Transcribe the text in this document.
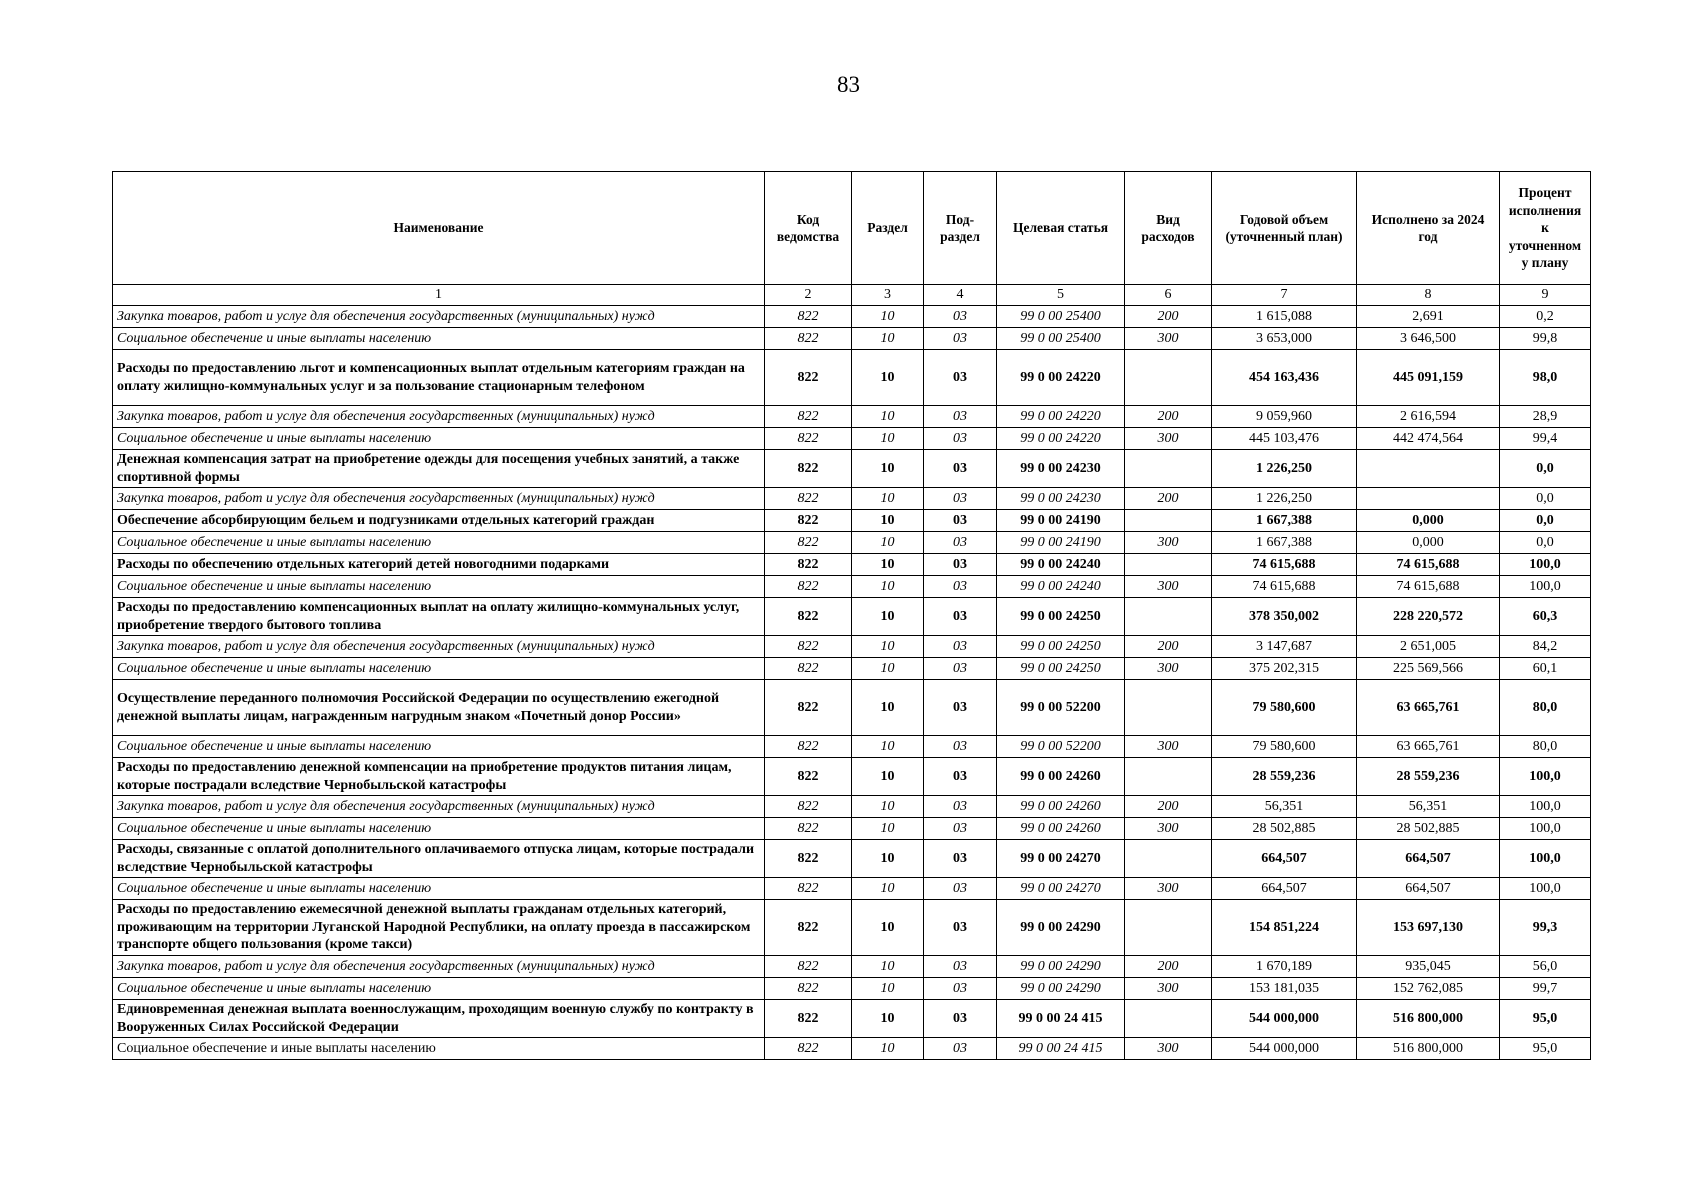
83
Наименование	Код ведомства	Раздел	Под-раздел	Целевая статья	Вид расходов	Годовой объем (уточненный план)	Исполнено за 2024 год	Процент исполнения к уточненном у плану
1	2	3	4	5	6	7	8	9
Закупка товаров, работ и услуг для обеспечения государственных (муниципальных) нужд	822	10	03	99 0 00 25400	200	1 615,088	2,691	0,2
Социальное обеспечение и иные выплаты населению	822	10	03	99 0 00 25400	300	3 653,000	3 646,500	99,8
Расходы по предоставлению льгот и компенсационных выплат отдельным категориям граждан на оплату жилищно-коммунальных услуг и за пользование стационарным телефоном	822	10	03	99 0 00 24220		454 163,436	445 091,159	98,0
Закупка товаров, работ и услуг для обеспечения государственных (муниципальных) нужд	822	10	03	99 0 00 24220	200	9 059,960	2 616,594	28,9
Социальное обеспечение и иные выплаты населению	822	10	03	99 0 00 24220	300	445 103,476	442 474,564	99,4
Денежная компенсация затрат на приобретение одежды для посещения учебных занятий, а также спортивной формы	822	10	03	99 0 00 24230		1 226,250		0,0
Закупка товаров, работ и услуг для обеспечения государственных (муниципальных) нужд	822	10	03	99 0 00 24230	200	1 226,250		0,0
Обеспечение абсорбирующим бельем и подгузниками отдельных категорий граждан	822	10	03	99 0 00 24190		1 667,388	0,000	0,0
Социальное обеспечение и иные выплаты населению	822	10	03	99 0 00 24190	300	1 667,388	0,000	0,0
Расходы по обеспечению отдельных категорий детей новогодними подарками	822	10	03	99 0 00 24240		74 615,688	74 615,688	100,0
Социальное обеспечение и иные выплаты населению	822	10	03	99 0 00 24240	300	74 615,688	74 615,688	100,0
Расходы по предоставлению компенсационных выплат на оплату жилищно-коммунальных услуг, приобретение твердого бытового топлива	822	10	03	99 0 00 24250		378 350,002	228 220,572	60,3
Закупка товаров, работ и услуг для обеспечения государственных (муниципальных) нужд	822	10	03	99 0 00 24250	200	3 147,687	2 651,005	84,2
Социальное обеспечение и иные выплаты населению	822	10	03	99 0 00 24250	300	375 202,315	225 569,566	60,1
Осуществление переданного полномочия Российской Федерации по осуществлению ежегодной денежной выплаты лицам, награжденным нагрудным знаком «Почетный донор России»	822	10	03	99 0 00 52200		79 580,600	63 665,761	80,0
Социальное обеспечение и иные выплаты населению	822	10	03	99 0 00 52200	300	79 580,600	63 665,761	80,0
Расходы по предоставлению денежной компенсации на приобретение продуктов питания лицам, которые пострадали вследствие Чернобыльской катастрофы	822	10	03	99 0 00 24260		28 559,236	28 559,236	100,0
Закупка товаров, работ и услуг для обеспечения государственных (муниципальных) нужд	822	10	03	99 0 00 24260	200	56,351	56,351	100,0
Социальное обеспечение и иные выплаты населению	822	10	03	99 0 00 24260	300	28 502,885	28 502,885	100,0
Расходы, связанные с оплатой дополнительного оплачиваемого отпуска лицам, которые пострадали вследствие Чернобыльской катастрофы	822	10	03	99 0 00 24270		664,507	664,507	100,0
Социальное обеспечение и иные выплаты населению	822	10	03	99 0 00 24270	300	664,507	664,507	100,0
Расходы по предоставлению ежемесячной денежной выплаты гражданам отдельных категорий, проживающим на территории Луганской Народной Республики, на оплату проезда в пассажирском транспорте общего пользования (кроме такси)	822	10	03	99 0 00 24290		154 851,224	153 697,130	99,3
Закупка товаров, работ и услуг для обеспечения государственных (муниципальных) нужд	822	10	03	99 0 00 24290	200	1 670,189	935,045	56,0
Социальное обеспечение и иные выплаты населению	822	10	03	99 0 00 24290	300	153 181,035	152 762,085	99,7
Единовременная денежная выплата военнослужащим, проходящим военную службу по контракту в Вооруженных Силах Российской Федерации	822	10	03	99 0 00 24 415		544 000,000	516 800,000	95,0
Социальное обеспечение и иные выплаты населению	822	10	03	99 0 00 24 415	300	544 000,000	516 800,000	95,0
